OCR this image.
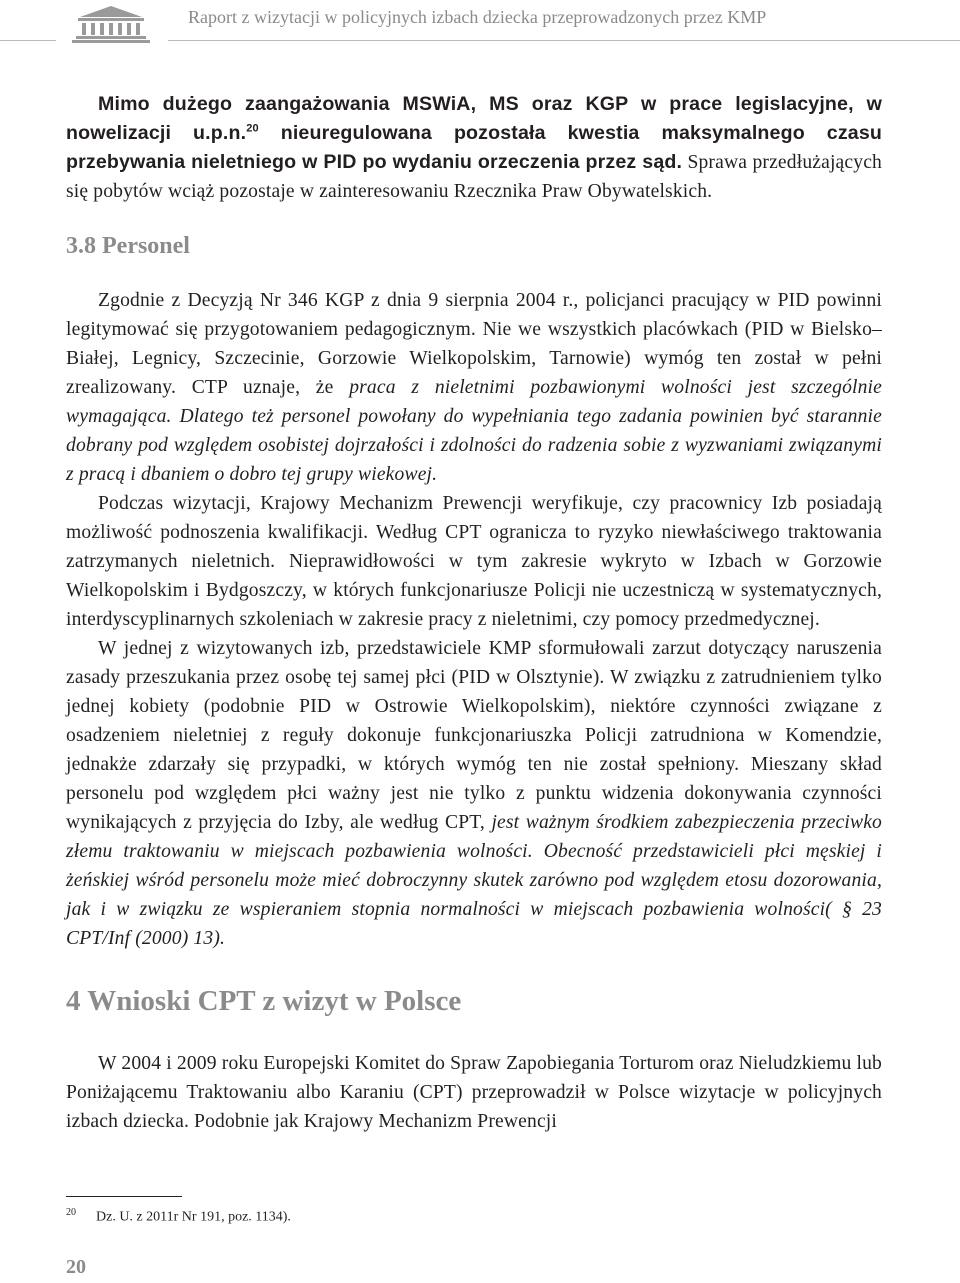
Raport z wizytacji w policyjnych izbach dziecka przeprowadzonych przez KMP

Mimo dużego zaangażowania MSWiA, MS oraz KGP w prace legislacyjne, w nowelizacji u.p.n.$^{20}$ nieuregulowana pozostała kwestia maksymalnego czasu przebywania nieletniego w PID po wydaniu orzeczenia przez sąd. Sprawa przedłużających się pobytów wciąż pozostaje w zainteresowaniu Rzecznika Praw Obywatelskich.

3.8 Personel

Zgodnie z Decyzją Nr 346 KGP z dnia 9 sierpnia 2004 r., policjanci pracujący w PID powinni legitymować się przygotowaniem pedagogicznym. Nie we wszystkich placówkach (PID w Bielsko–Białej, Legnicy, Szczecinie, Gorzowie Wielkopolskim, Tarnowie) wymóg ten został w pełni zrealizowany. CTP uznaje, że praca z nieletnimi pozbawionymi wolności jest szczególnie wymagająca. Dlatego też personel powołany do wypełniania tego zadania powinien być starannie dobrany pod względem osobistej dojrzałości i zdolności do radzenia sobie z wyzwaniami związanymi z pracą i dbaniem o dobro tej grupy wiekowej.

Podczas wizytacji, Krajowy Mechanizm Prewencji weryfikuje, czy pracownicy Izb posiadają możliwość podnoszenia kwalifikacji. Według CPT ogranicza to ryzyko niewłaściwego traktowania zatrzymanych nieletnich. Nieprawidłowości w tym zakresie wykryto w Izbach w Gorzowie Wielkopolskim i Bydgoszczy, w których funkcjonariusze Policji nie uczestniczą w systematycznych, interdyscyplinarnych szkoleniach w zakresie pracy z nieletnimi, czy pomocy przedmedycznej.

W jednej z wizytowanych izb, przedstawiciele KMP sformułowali zarzut dotyczący naruszenia zasady przeszukania przez osobę tej samej płci (PID w Olsztynie). W związku z zatrudnieniem tylko jednej kobiety (podobnie PID w Ostrowie Wielkopolskim), niektóre czynności związane z osadzeniem nieletniej z reguły dokonuje funkcjonariuszka Policji zatrudniona w Komendzie, jednakże zdarzały się przypadki, w których wymóg ten nie został spełniony. Mieszany skład personelu pod względem płci ważny jest nie tylko z punktu widzenia dokonywania czynności wynikających z przyjęcia do Izby, ale według CPT, jest ważnym środkiem zabezpieczenia przeciwko złemu traktowaniu w miejscach pozbawienia wolności. Obecność przedstawicieli płci męskiej i żeńskiej wśród personelu może mieć dobroczynny skutek zarówno pod względem etosu dozorowania, jak i w związku ze wspieraniem stopnia normalności w miejscach pozbawienia wolności( § 23 CPT/Inf (2000) 13).

4 Wnioski CPT z wizyt w Polsce

W 2004 i 2009 roku Europejski Komitet do Spraw Zapobiegania Torturom oraz Nieludzkiemu lub Poniżającemu Traktowaniu albo Karaniu (CPT) przeprowadził w Polsce wizytacje w policyjnych izbach dziecka. Podobnie jak Krajowy Mechanizm Prewencji

$^{20}$ Dz. U. z 2011r Nr 191, poz. 1134).
20
